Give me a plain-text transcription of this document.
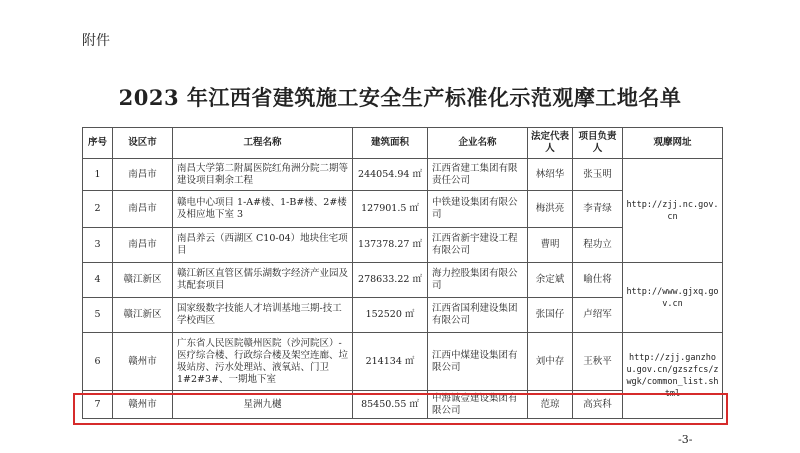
附件
2023 年江西省建筑施工安全生产标准化示范观摩工地名单
序号	设区市	工程名称	建筑面积	企业名称	法定代表人	项目负责人	观摩网址
1	南昌市	南昌大学第二附属医院红角洲分院二期等建设项目剩余工程	244054.94 ㎡	江西省建工集团有限责任公司	林绍华	张玉明	http://zjj.nc.gov.cn
2	南昌市	赣电中心项目 1-A#楼、1-B#楼、2#楼及相应地下室 3	127901.5 ㎡	中铁建设集团有限公司	梅洪亮	李青绿	
3	南昌市	南昌养云（西湖区 C10-04）地块住宅项目	137378.27 ㎡	江西省新宇建设工程有限公司	曹明	程功立	
4	赣江新区	赣江新区直管区儒乐湖数字经济产业园及其配套项目	278633.22 ㎡	海力控股集团有限公司	余定斌	喻仕将	http://www.gjxq.gov.cn
5	赣江新区	国家级数字技能人才培训基地三期-技工学校西区	152520 ㎡	江西省国利建设集团有限公司	张国仔	卢绍军	
6	赣州市	广东省人民医院赣州医院（沙河院区）-医疗综合楼、行政综合楼及架空连廊、垃圾站房、污水处理站、液氧站、门卫 1#2#3#、一期地下室	214134 ㎡	江西中煤建设集团有限公司	刘中存	王秋平	http://zjj.ganzhou.gov.cn/gzszfcs/zwgk/common_list.shtml
7	赣州市	星洲九樾	85450.55 ㎡	中海诚壹建设集团有限公司	范琼	高宾科	
-3-
